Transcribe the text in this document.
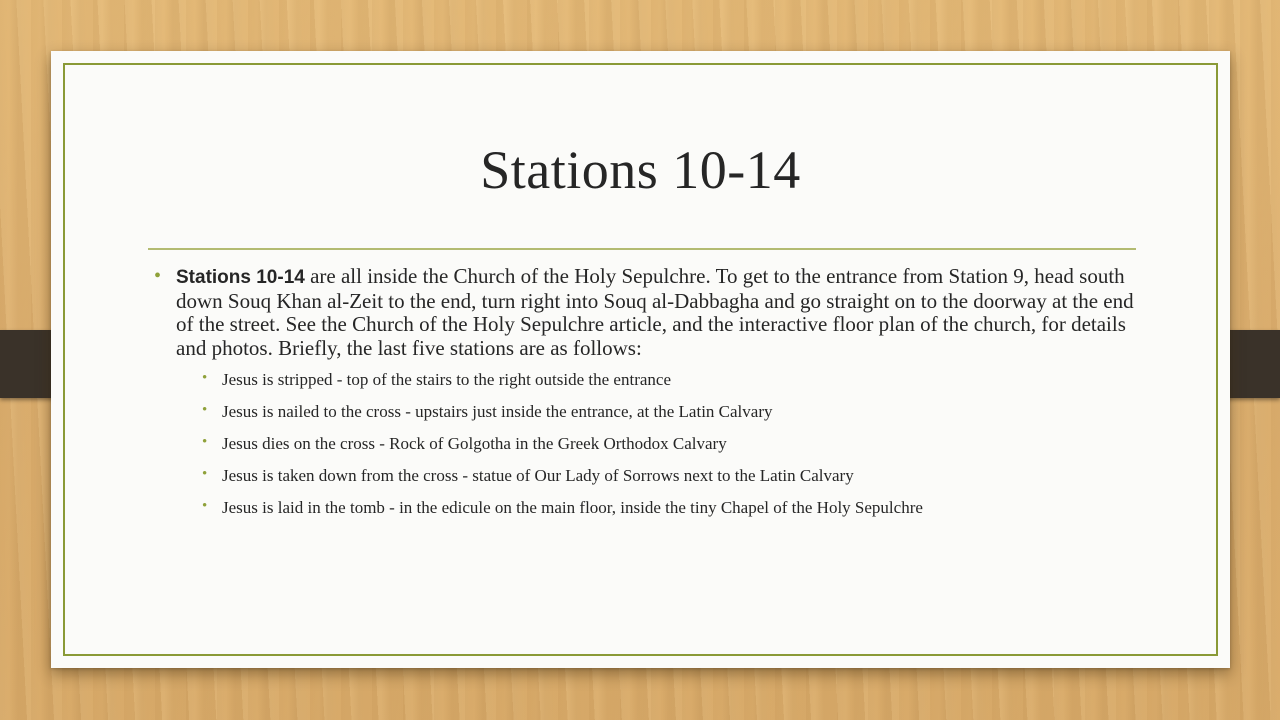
Stations 10-14

• Stations 10-14 are all inside the Church of the Holy Sepulchre. To get to the entrance from Station 9, head south down Souq Khan al-Zeit to the end, turn right into Souq al-Dabbagha and go straight on to the doorway at the end of the street. See the Church of the Holy Sepulchre article, and the interactive floor plan of the church, for details and photos. Briefly, the last five stations are as follows:

• Jesus is stripped - top of the stairs to the right outside the entrance
• Jesus is nailed to the cross - upstairs just inside the entrance, at the Latin Calvary
• Jesus dies on the cross - Rock of Golgotha in the Greek Orthodox Calvary
• Jesus is taken down from the cross - statue of Our Lady of Sorrows next to the Latin Calvary
• Jesus is laid in the tomb - in the edicule on the main floor, inside the tiny Chapel of the Holy Sepulchre
